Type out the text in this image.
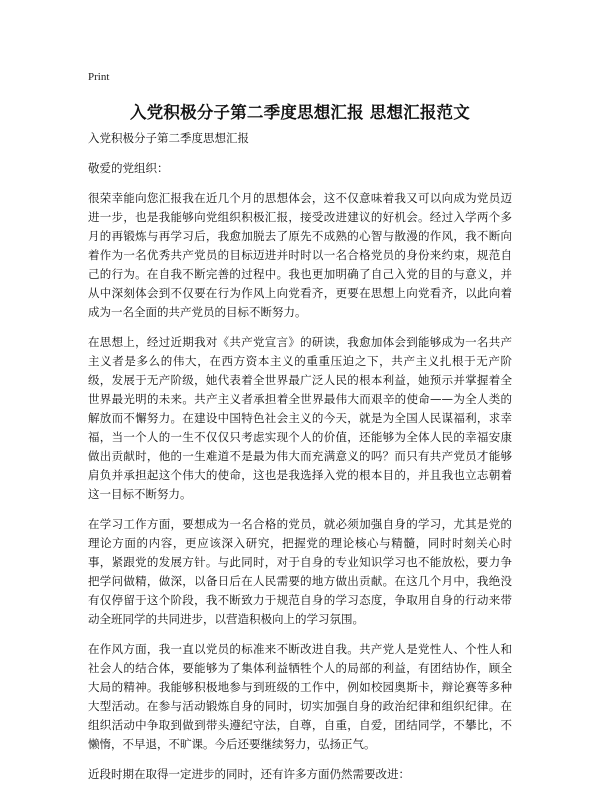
Print
入党积极分子第二季度思想汇报 思想汇报范文

入党积极分子第二季度思想汇报

敬爱的党组织：

很荣幸能向您汇报我在近几个月的思想体会，这不仅意味着我又可以向成为党员迈进一步，也是我能够向党组织积极汇报，接受改进建议的好机会。经过入学两个多月的再锻炼与再学习后，我愈加脱去了原先不成熟的心智与散漫的作风，我不断向着作为一名优秀共产党员的目标迈进并时时以一名合格党员的身份来约束，规范自己的行为。在自我不断完善的过程中。我也更加明确了自己入党的目的与意义，并从中深刻体会到不仅要在行为作风上向党看齐，更要在思想上向党看齐，以此向着成为一名全面的共产党员的目标不断努力。

在思想上，经过近期我对《共产党宣言》的研读，我愈加体会到能够成为一名共产主义者是多么的伟大，在西方资本主义的重重压迫之下，共产主义扎根于无产阶级，发展于无产阶级，她代表着全世界最广泛人民的根本利益，她预示并掌握着全世界最光明的未来。共产主义者承担着全世界最伟大而艰辛的使命——为全人类的解放而不懈努力。在建设中国特色社会主义的今天，就是为全国人民谋福利，求幸福，当一个人的一生不仅仅只考虑实现个人的价值，还能够为全体人民的幸福安康做出贡献时，他的一生难道不是最为伟大而充满意义的吗？而只有共产党员才能够肩负并承担起这个伟大的使命，这也是我选择入党的根本目的，并且我也立志朝着这一目标不断努力。

在学习工作方面，要想成为一名合格的党员，就必须加强自身的学习，尤其是党的理论方面的内容，更应该深入研究，把握党的理论核心与精髓，同时时刻关心时事，紧跟党的发展方针。与此同时，对于自身的专业知识学习也不能放松，要力争把学问做精，做深，以备日后在人民需要的地方做出贡献。在这几个月中，我绝没有仅停留于这个阶段，我不断致力于规范自身的学习态度，争取用自身的行动来带动全班同学的共同进步，以营造积极向上的学习氛围。

在作风方面，我一直以党员的标准来不断改进自我。共产党人是党性人、个性人和社会人的结合体，要能够为了集体利益牺牲个人的局部的利益，有团结协作，顾全大局的精神。我能够积极地参与到班级的工作中，例如校园奥斯卡，辩论赛等多种大型活动。在参与活动锻炼自身的同时，切实加强自身的政治纪律和组织纪律。在组织活动中争取到做到带头遵纪守法，自尊，自重，自爱，团结同学，不攀比，不懒惰，不早退，不旷课。今后还要继续努力，弘扬正气。

近段时期在取得一定进步的同时，还有许多方面仍然需要改进：
